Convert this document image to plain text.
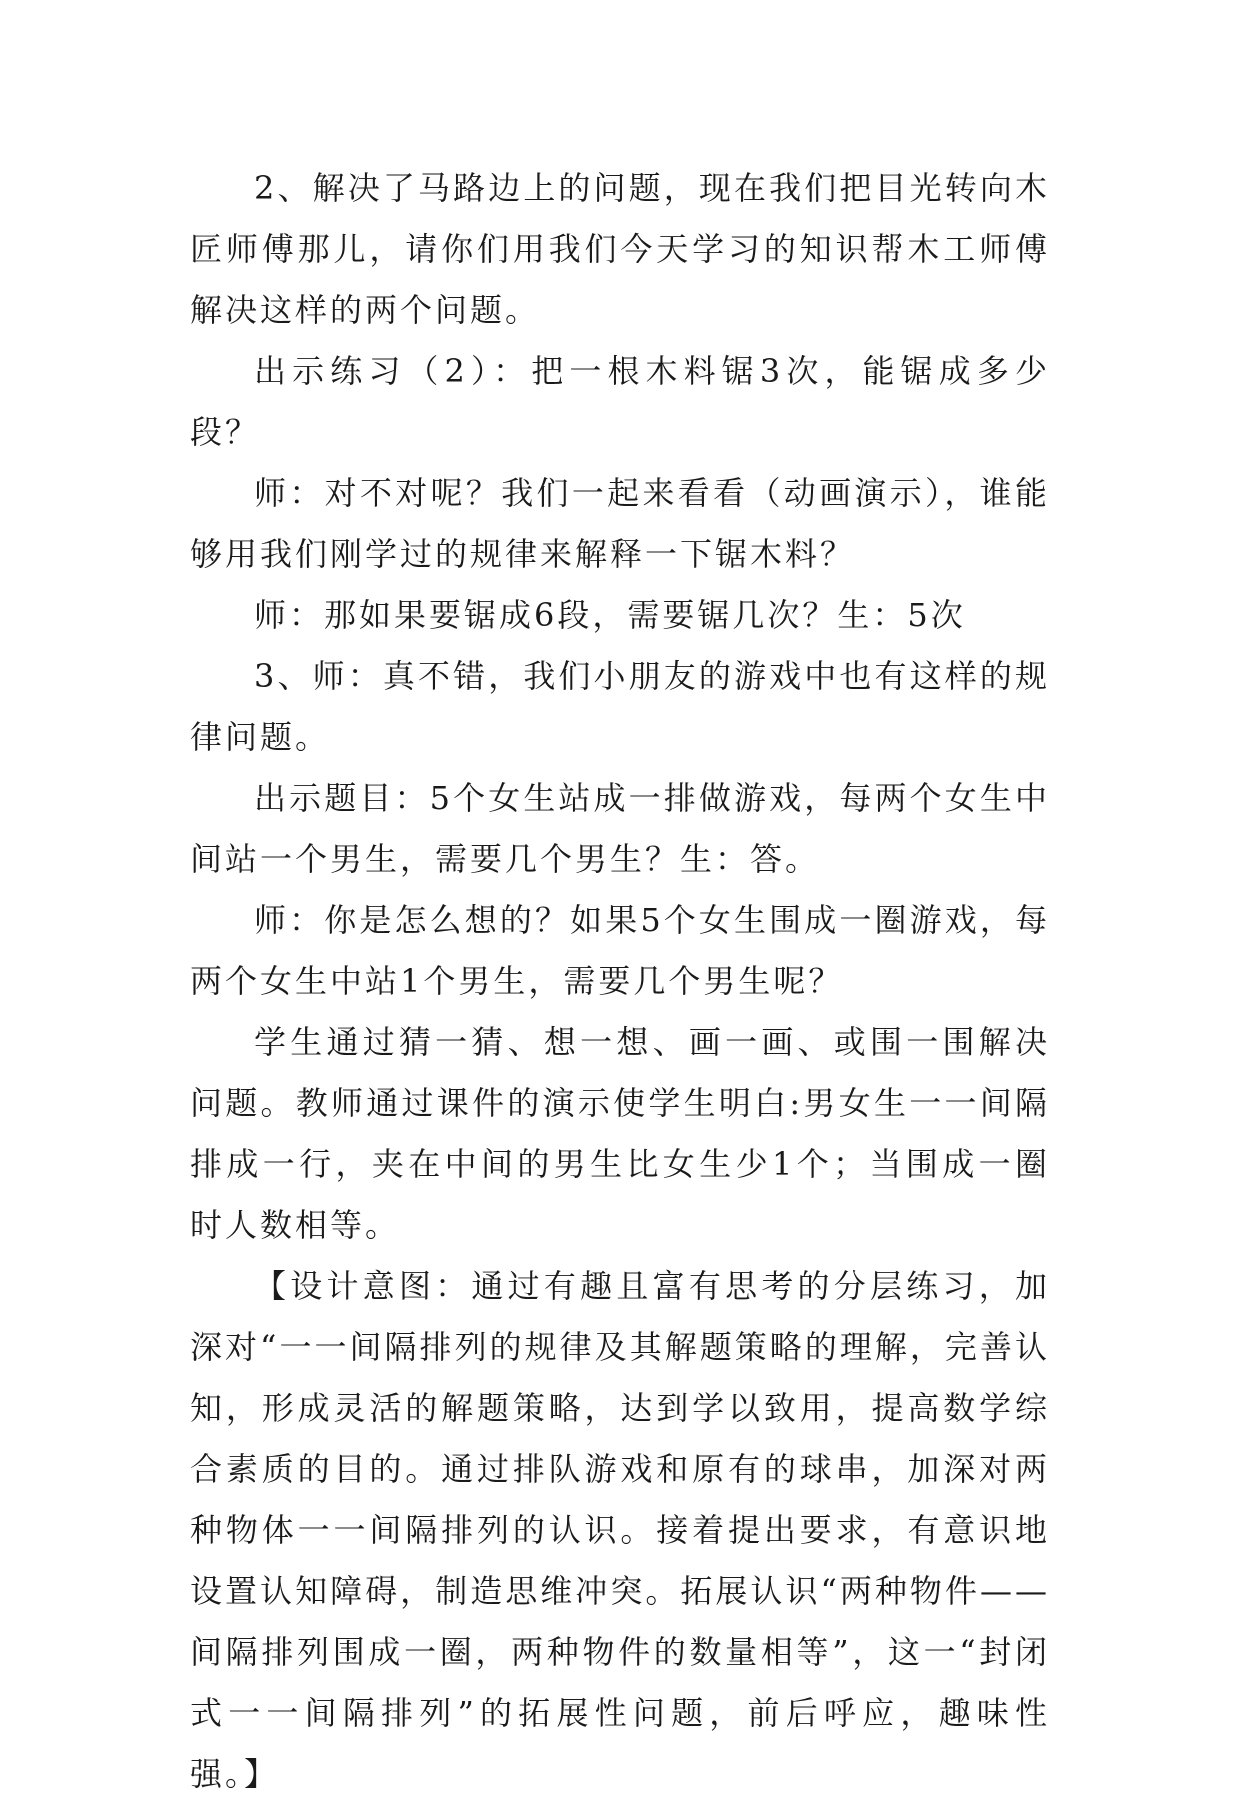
2、解决了马路边上的问题，现在我们把目光转向木匠师傅那儿，请你们用我们今天学习的知识帮木工师傅解决这样的两个问题。

出示练习（2）：把一根木料锯3次，能锯成多少段？

师：对不对呢？我们一起来看看（动画演示），谁能够用我们刚学过的规律来解释一下锯木料？

师：那如果要锯成6段，需要锯几次？生：5次

3、师：真不错，我们小朋友的游戏中也有这样的规律问题。

出示题目：5个女生站成一排做游戏，每两个女生中间站一个男生，需要几个男生？生：答。

师：你是怎么想的？如果5个女生围成一圈游戏，每两个女生中站1个男生，需要几个男生呢？

学生通过猜一猜、想一想、画一画、或围一围解决问题。教师通过课件的演示使学生明白:男女生一一间隔排成一行，夹在中间的男生比女生少1个；当围成一圈时人数相等。

【设计意图：通过有趣且富有思考的分层练习，加深对“一一间隔排列的规律及其解题策略的理解，完善认知，形成灵活的解题策略，达到学以致用，提高数学综合素质的目的。通过排队游戏和原有的球串，加深对两种物体一一间隔排列的认识。接着提出要求，有意识地设置认知障碍，制造思维冲突。拓展认识“两种物件——间隔排列围成一圈，两种物件的数量相等”，这一“封闭式一一间隔排列”的拓展性问题，前后呼应，趣味性强。】
